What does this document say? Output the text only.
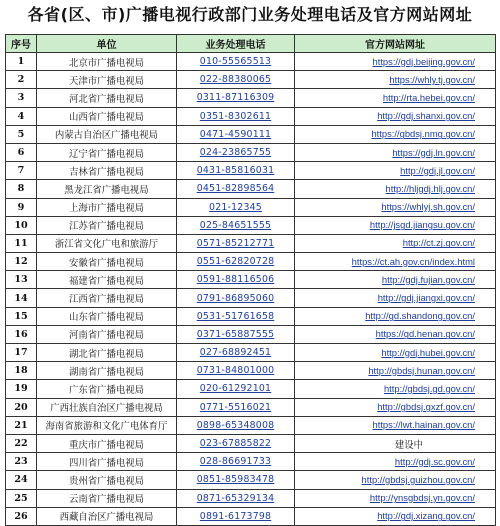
各省(区、市)广播电视行政部门业务处理电话及官方网站网址
序号	单位	业务处理电话	官方网站网址
1	北京市广播电视局	010-55565513	https://gdj.beijing.gov.cn/
2	天津市广播电视局	022-88380065	https://whly.tj.gov.cn/
3	河北省广播电视局	0311-87116309	http://rta.hebei.gov.cn/
4	山西省广播电视局	0351-8302611	http://gdj.shanxi.gov.cn/
5	内蒙古自治区广播电视局	0471-4590111	https://gbdsj.nmg.gov.cn/
6	辽宁省广播电视局	024-23865755	https://gdj.ln.gov.cn/
7	吉林省广播电视局	0431-85816031	http://gdj.jl.gov.cn/
8	黑龙江省广播电视局	0451-82898564	http://hljgdj.hlj.gov.cn/
9	上海市广播电视局	021-12345	https://whlyj.sh.gov.cn/
10	江苏省广播电视局	025-84651555	http://jsgd.jiangsu.gov.cn/
11	浙江省文化广电和旅游厅	0571-85212771	http://ct.zj.gov.cn/
12	安徽省广播电视局	0551-62820728	https://ct.ah.gov.cn/index.html
13	福建省广播电视局	0591-88116506	http://gdj.fujian.gov.cn/
14	江西省广播电视局	0791-86895060	http://gdj.jiangxi.gov.cn/
15	山东省广播电视局	0531-51761658	http://gd.shandong.gov.cn/
16	河南省广播电视局	0371-65887555	https://gd.henan.gov.cn/
17	湖北省广播电视局	027-68892451	http://gdj.hubei.gov.cn/
18	湖南省广播电视局	0731-84801000	http://gbdsj.hunan.gov.cn/
19	广东省广播电视局	020-61292101	http://gbdsj.gd.gov.cn/
20	广西壮族自治区广播电视局	0771-5516021	http://gbdsj.gxzf.gov.cn/
21	海南省旅游和文化广电体育厅	0898-65348008	https://lwt.hainan.gov.cn/
22	重庆市广播电视局	023-67885822	建设中
23	四川省广播电视局	028-86691733	http://gdj.sc.gov.cn/
24	贵州省广播电视局	0851-85983478	http://gbdsj.guizhou.gov.cn/
25	云南省广播电视局	0871-65329134	http://ynsgbdsj.yn.gov.cn/
26	西藏自治区广播电视局	0891-6173798	http://gdj.xizang.gov.cn/
